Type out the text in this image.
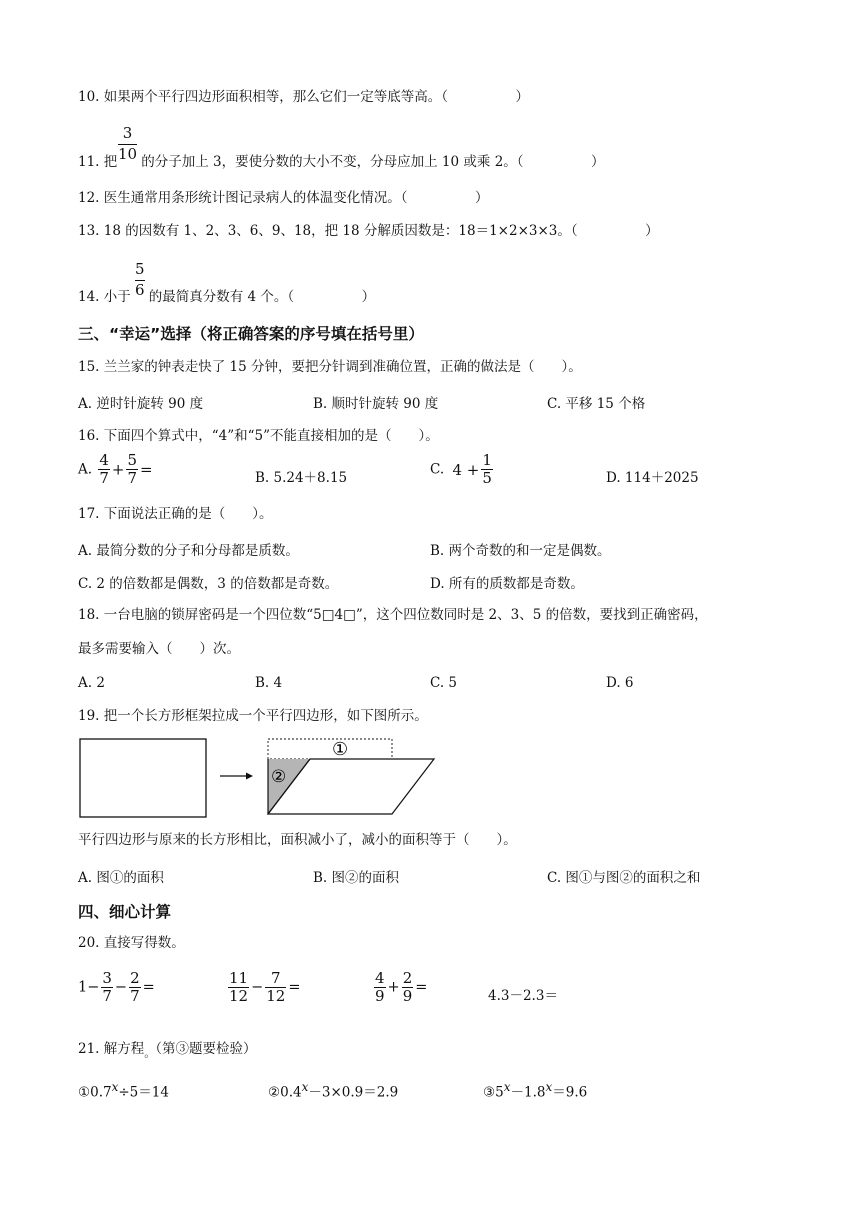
10. 如果两个平行四边形面积相等，那么它们一定等底等高。（　　　　　）
$\frac{3}{10}$
11. 把 的分子加上 3，要使分数的大小不变，分母应加上 10 或乘 2。（　　　　　）
12. 医生通常用条形统计图记录病人的体温变化情况。（　　　　　）
13. 18 的因数有 1、2、3、6、9、18，把 18 分解质因数是：18＝1×2×3×3。（　　　　　）
$\frac{5}{6}$
14. 小于 的最简真分数有 4 个。（　　　　　）
三、“幸运”选择（将正确答案的序号填在括号里）
15. 兰兰家的钟表走快了 15 分钟，要把分针调到准确位置，正确的做法是（　　）。
A. 逆时针旋转 90 度	B. 顺时针旋转 90 度	C. 平移 15 个格
16. 下面四个算式中，“4”和“5”不能直接相加的是（　　）。
A. $\frac{4}{7} + \frac{5}{7}$ =	B. 5.24＋8.15
C. $4 + \frac{1}{5}$	D. 114＋2025
17. 下面说法正确的是（　　）。
A. 最简分数的分子和分母都是质数。	B. 两个奇数的和一定是偶数。
C. 2 的倍数都是偶数，3 的倍数都是奇数。	D. 所有的质数都是奇数。
18. 一台电脑的锁屏密码是一个四位数“5□4□”，这个四位数同时是 2、3、5 的倍数，要找到正确密码，
最多需要输入（　　）次。
A. 2	B. 4	C. 5	D. 6
19. 把一个长方形框架拉成一个平行四边形，如下图所示。
①
②
平行四边形与原来的长方形相比，面积减小了，减小的面积等于（　　）。
A. 图①的面积	B. 图②的面积	C. 图①与图②的面积之和
四、细心计算
20. 直接写得数。
$1- \frac{3}{7} - \frac{2}{7}$ =	$\frac{11}{12} - \frac{7}{12}$ =	$\frac{4}{9} + \frac{2}{9}$ =
4.3－2.3＝
21. 解方程$_。$（第③题要检验）
$①0.7^x\div 5=14$	$②0.4^x-3\times 0.9=2.9$	$③5^x-1.8^x=9.6$
